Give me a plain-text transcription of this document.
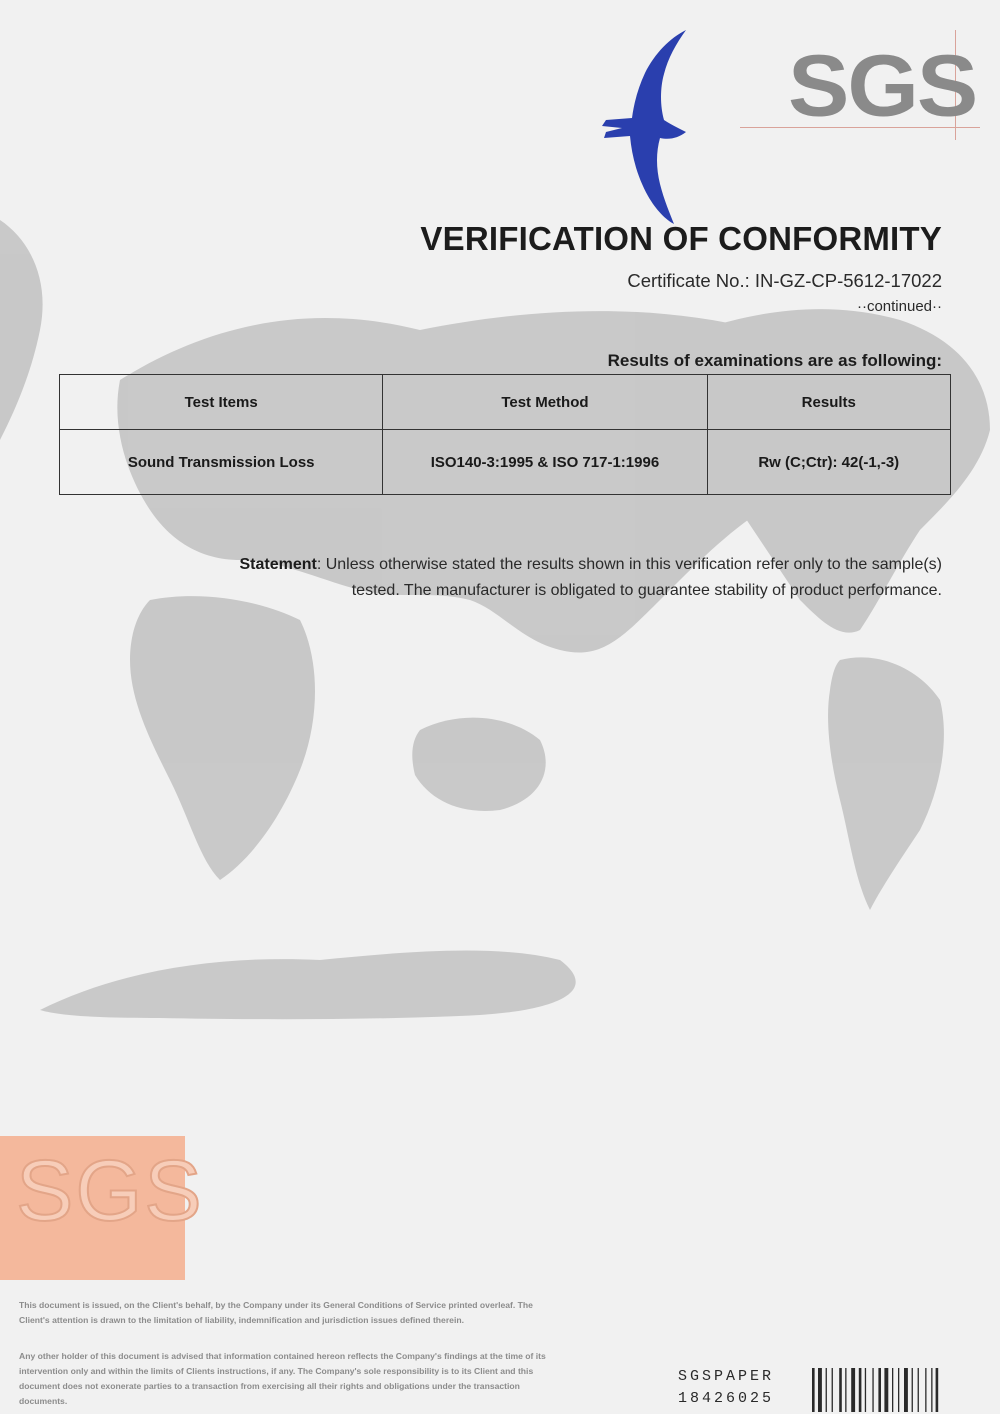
SGS
VERIFICATION OF CONFORMITY
Certificate No.: IN-GZ-CP-5612-17022
··continued··
Results of examinations are as following:
Test Items	Test Method	Results
Sound Transmission Loss	ISO140-3:1995 & ISO 717-1:1996	Rw (C;Ctr): 42(-1,-3)
Statement: Unless otherwise stated the results shown in this verification refer only to the sample(s) tested. The manufacturer is obligated to guarantee stability of product performance.
SGS
This document is issued, on the Client's behalf, by the Company under its General Conditions of Service printed overleaf. The Client's attention is drawn to the limitation of liability, indemnification and jurisdiction issues defined therein.
Any other holder of this document is advised that information contained hereon reflects the Company's findings at the time of its intervention only and within the limits of Clients instructions, if any. The Company's sole responsibility is to its Client and this document does not exonerate parties to a transaction from exercising all their rights and obligations under the transaction documents.
SGSPAPER
18426025
